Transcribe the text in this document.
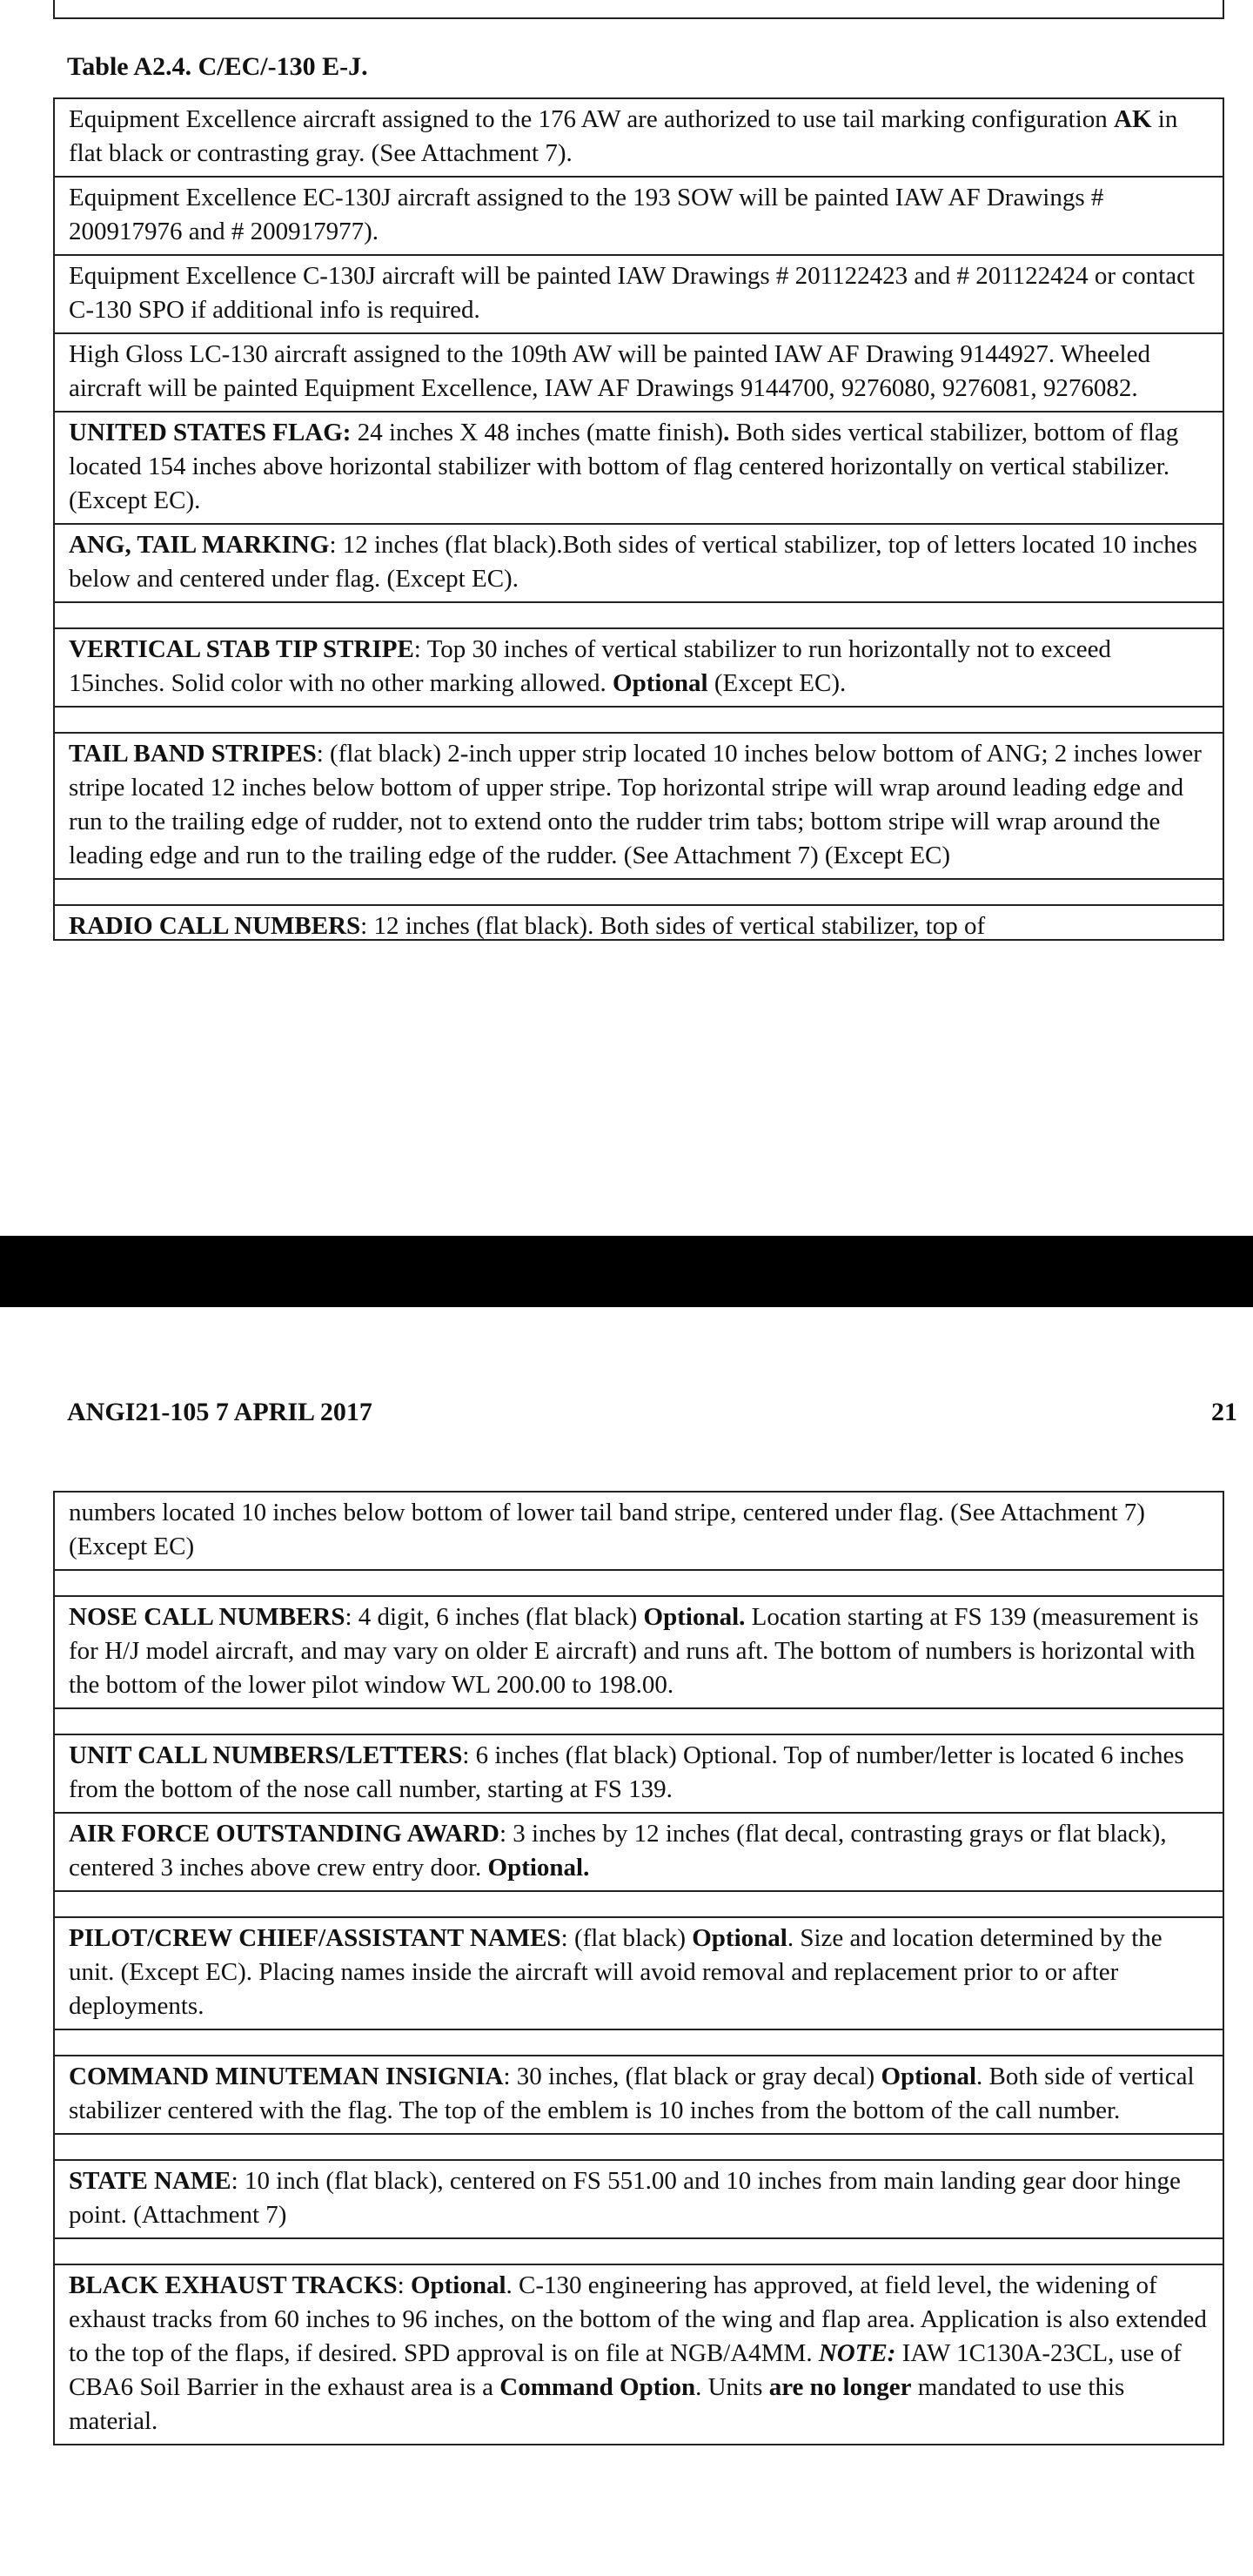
Table A2.4. C/EC/-130 E-J.
Equipment Excellence aircraft assigned to the 176 AW are authorized to use tail marking configuration AK in flat black or contrasting gray. (See Attachment 7).
Equipment Excellence EC-130J aircraft assigned to the 193 SOW will be painted IAW AF Drawings # 200917976 and # 200917977).
Equipment Excellence C-130J aircraft will be painted IAW Drawings # 201122423 and # 201122424 or contact C-130 SPO if additional info is required.
High Gloss LC-130 aircraft assigned to the 109th AW will be painted IAW AF Drawing 9144927. Wheeled aircraft will be painted Equipment Excellence, IAW AF Drawings 9144700, 9276080, 9276081, 9276082.
UNITED STATES FLAG: 24 inches X 48 inches (matte finish). Both sides vertical stabilizer, bottom of flag located 154 inches above horizontal stabilizer with bottom of flag centered horizontally on vertical stabilizer. (Except EC).
ANG, TAIL MARKING: 12 inches (flat black).Both sides of vertical stabilizer, top of letters located 10 inches below and centered under flag. (Except EC).
VERTICAL STAB TIP STRIPE: Top 30 inches of vertical stabilizer to run horizontally not to exceed 15inches. Solid color with no other marking allowed. Optional (Except EC).
TAIL BAND STRIPES: (flat black) 2-inch upper strip located 10 inches below bottom of ANG; 2 inches lower stripe located 12 inches below bottom of upper stripe. Top horizontal stripe will wrap around leading edge and run to the trailing edge of rudder, not to extend onto the rudder trim tabs; bottom stripe will wrap around the leading edge and run to the trailing edge of the rudder. (See Attachment 7) (Except EC)
RADIO CALL NUMBERS: 12 inches (flat black). Both sides of vertical stabilizer, top of
ANGI21-105 7 APRIL 2017	21
numbers located 10 inches below bottom of lower tail band stripe, centered under flag. (See Attachment 7) (Except EC)
NOSE CALL NUMBERS: 4 digit, 6 inches (flat black) Optional. Location starting at FS 139 (measurement is for H/J model aircraft, and may vary on older E aircraft) and runs aft. The bottom of numbers is horizontal with the bottom of the lower pilot window WL 200.00 to 198.00.
UNIT CALL NUMBERS/LETTERS: 6 inches (flat black) Optional. Top of number/letter is located 6 inches from the bottom of the nose call number, starting at FS 139.
AIR FORCE OUTSTANDING AWARD: 3 inches by 12 inches (flat decal, contrasting grays or flat black), centered 3 inches above crew entry door. Optional.
PILOT/CREW CHIEF/ASSISTANT NAMES: (flat black) Optional. Size and location determined by the unit. (Except EC). Placing names inside the aircraft will avoid removal and replacement prior to or after deployments.
COMMAND MINUTEMAN INSIGNIA: 30 inches, (flat black or gray decal) Optional. Both side of vertical stabilizer centered with the flag. The top of the emblem is 10 inches from the bottom of the call number.
STATE NAME: 10 inch (flat black), centered on FS 551.00 and 10 inches from main landing gear door hinge point. (Attachment 7)
BLACK EXHAUST TRACKS: Optional. C-130 engineering has approved, at field level, the widening of exhaust tracks from 60 inches to 96 inches, on the bottom of the wing and flap area. Application is also extended to the top of the flaps, if desired. SPD approval is on file at NGB/A4MM. NOTE: IAW 1C130A-23CL, use of CBA6 Soil Barrier in the exhaust area is a Command Option. Units are no longer mandated to use this material.
